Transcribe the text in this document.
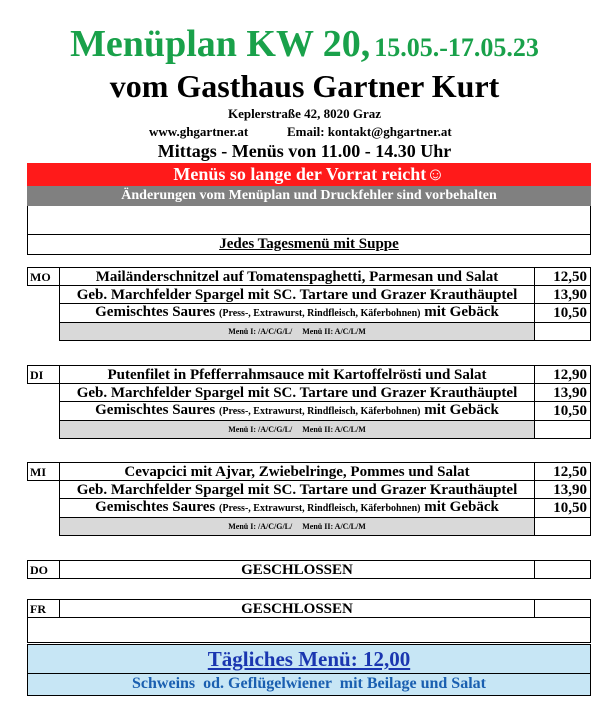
Menüplan KW 20, 15.05.-17.05.23
vom Gasthaus Gartner Kurt
Keplerstraße 42, 8020 Graz
www.ghgartner.at	Email: kontakt@ghgartner.at
Mittags - Menüs von 11.00 - 14.30 Uhr
Menüs so lange der Vorrat reicht☺
Änderungen vom Menüplan und Druckfehler sind vorbehalten
Jedes Tagesmenü mit Suppe
MO	Mailänderschnitzel auf Tomatenspaghetti, Parmesan und Salat	12,50
	Geb. Marchfelder Spargel mit SC. Tartare und Grazer Krauthäuptel	13,90
	Gemischtes Saures (Press-, Extrawurst, Rindfleisch, Käferbohnen) mit Gebäck	10,50
	Menü I: /A/C/G/L/     Menü II: A/C/L/M	
DI	Putenfilet in Pfefferrahmsauce mit Kartoffelrösti und Salat	12,90
	Geb. Marchfelder Spargel mit SC. Tartare und Grazer Krauthäuptel	13,90
	Gemischtes Saures (Press-, Extrawurst, Rindfleisch, Käferbohnen) mit Gebäck	10,50
	Menü I: /A/C/G/L/     Menü II: A/C/L/M	
MI	Cevapcici mit Ajvar, Zwiebelringe, Pommes und Salat	12,50
	Geb. Marchfelder Spargel mit SC. Tartare und Grazer Krauthäuptel	13,90
	Gemischtes Saures (Press-, Extrawurst, Rindfleisch, Käferbohnen) mit Gebäck	10,50
	Menü I: /A/C/G/L/     Menü II: A/C/L/M	
DO	GESCHLOSSEN	
FR	GESCHLOSSEN	

Tägliches Menü: 12,00
Schweins  od. Geflügelwiener  mit Beilage und Salat
